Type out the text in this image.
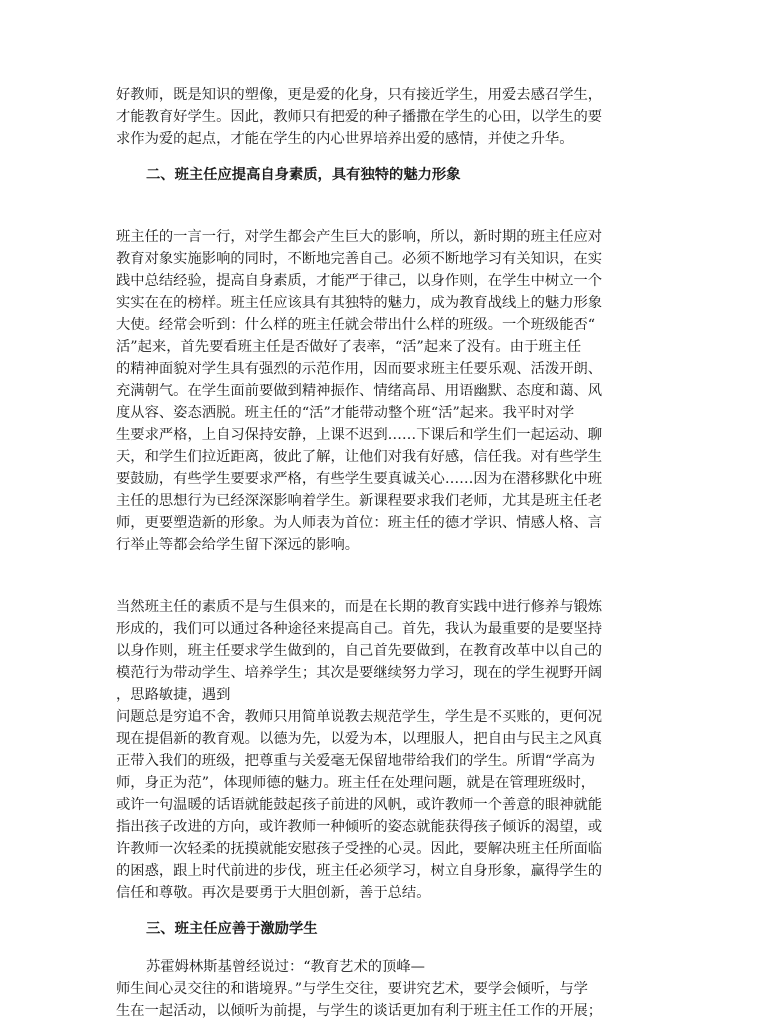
好教师，既是知识的塑像，更是爱的化身，只有接近学生，用爱去感召学生，
才能教育好学生。因此，教师只有把爱的种子播撒在学生的心田，以学生的要
求作为爱的起点，才能在学生的内心世界培养出爱的感情，并使之升华。
二、班主任应提高自身素质，具有独特的魅力形象
班主任的一言一行，对学生都会产生巨大的影响，所以，新时期的班主任应对
教育对象实施影响的同时，不断地完善自己。必须不断地学习有关知识，在实
践中总结经验，提高自身素质，才能严于律己，以身作则，在学生中树立一个
实实在在的榜样。班主任应该具有其独特的魅力，成为教育战线上的魅力形象
大使。经常会听到：什么样的班主任就会带出什么样的班级。一个班级能否“
活”起来，首先要看班主任是否做好了表率，“活”起来了没有。由于班主任
的精神面貌对学生具有强烈的示范作用，因而要求班主任要乐观、活泼开朗、
充满朝气。在学生面前要做到精神振作、情绪高昂、用语幽默、态度和蔼、风
度从容、姿态洒脱。班主任的“活”才能带动整个班“活”起来。我平时对学
生要求严格，上自习保持安静，上课不迟到……下课后和学生们一起运动、聊
天，和学生们拉近距离，彼此了解，让他们对我有好感，信任我。对有些学生
要鼓励，有些学生要要求严格，有些学生要真诚关心……因为在潜移默化中班
主任的思想行为已经深深影响着学生。新课程要求我们老师，尤其是班主任老
师，更要塑造新的形象。为人师表为首位：班主任的德才学识、情感人格、言
行举止等都会给学生留下深远的影响。
当然班主任的素质不是与生俱来的，而是在长期的教育实践中进行修养与锻炼
形成的，我们可以通过各种途径来提高自己。首先，我认为最重要的是要坚持
以身作则，班主任要求学生做到的，自己首先要做到，在教育改革中以自己的
模范行为带动学生、培养学生；其次是要继续努力学习，现在的学生视野开阔
，思路敏捷，遇到
问题总是穷追不舍，教师只用简单说教去规范学生，学生是不买账的，更何况
现在提倡新的教育观。以德为先，以爱为本，以理服人，把自由与民主之风真
正带入我们的班级，把尊重与关爱毫无保留地带给我们的学生。所谓“学高为
师，身正为范”，体现师德的魅力。班主任在处理问题，就是在管理班级时，
或许一句温暖的话语就能鼓起孩子前进的风帆，或许教师一个善意的眼神就能
指出孩子改进的方向，或许教师一种倾听的姿态就能获得孩子倾诉的渴望，或
许教师一次轻柔的抚摸就能安慰孩子受挫的心灵。因此，要解决班主任所面临
的困惑，跟上时代前进的步伐，班主任必须学习，树立自身形象，赢得学生的
信任和尊敬。再次是要勇于大胆创新，善于总结。
三、班主任应善于激励学生
苏霍姆林斯基曾经说过：“教育艺术的顶峰—
师生间心灵交往的和谐境界。”与学生交往，要讲究艺术，要学会倾听，与学
生在一起活动，以倾听为前提，与学生的谈话更加有利于班主任工作的开展；
